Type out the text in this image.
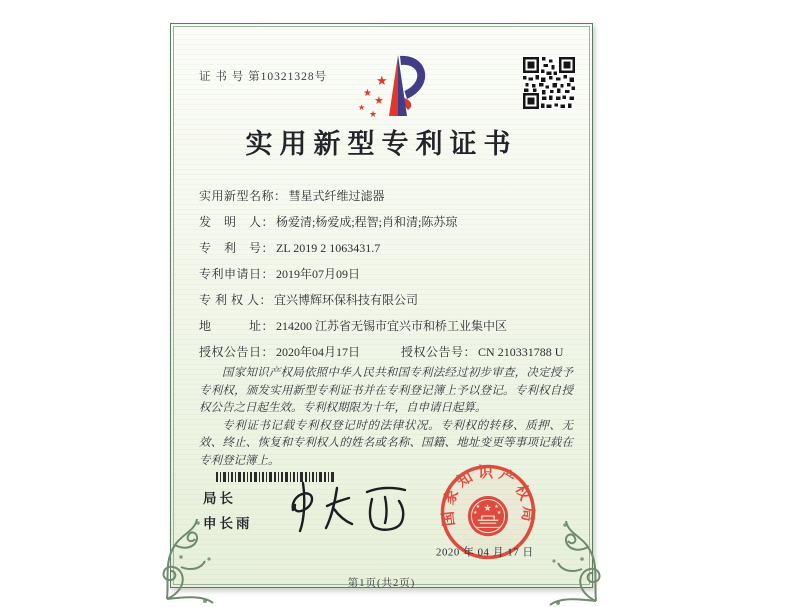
证 书 号 第10321328号	★
★
★
★
★
实用新型专利证书
实用新型名称： 彗星式纤维过滤器
发　明　人： 杨爱清;杨爱成;程智;肖和清;陈苏琼
专　利　号： ZL 2019 2 1063431.7
专利申请日： 2019年07月09日
专 利 权 人： 宜兴博辉环保科技有限公司
地　　　址： 214200 江苏省无锡市宜兴市和桥工业集中区
授权公告日： 2020年04月17日	授权公告号： CN 210331788 U

国家知识产权局依照中华人民共和国专利法经过初步审查，决定授予专利权，颁发实用新型专利证书并在专利登记簿上予以登记。专利权自授权公告之日起生效。专利权期限为十年，自申请日起算。

专利证书记载专利权登记时的法律状况。专利权的转移、质押、无效、终止、恢复和专利权人的姓名或名称、国籍、地址变更等事项记载在专利登记簿上。

局长
申长雨	国家知识产权局
★
★	★
★	★
2020 年 04 月 17 日
第1页(共2页)
